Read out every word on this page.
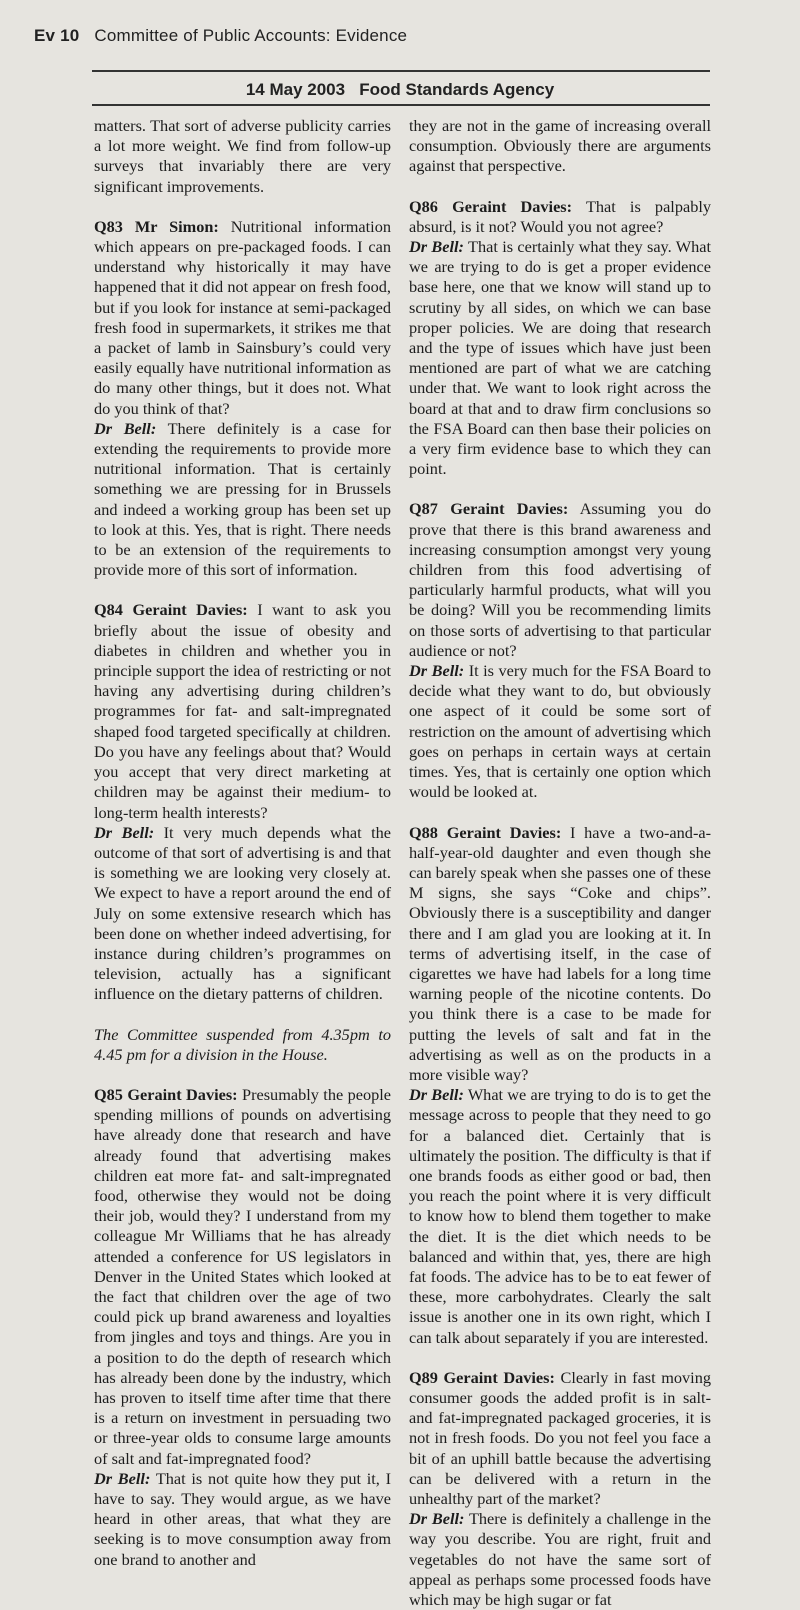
Ev 10 Committee of Public Accounts: Evidence
14 May 2003 Food Standards Agency

matters. That sort of adverse publicity carries a lot more weight. We find from follow-up surveys that invariably there are very significant improvements.

Q83 Mr Simon: Nutritional information which appears on pre-packaged foods. I can understand why historically it may have happened that it did not appear on fresh food, but if you look for instance at semi-packaged fresh food in supermarkets, it strikes me that a packet of lamb in Sainsbury’s could very easily equally have nutritional information as do many other things, but it does not. What do you think of that?

Dr Bell: There definitely is a case for extending the requirements to provide more nutritional information. That is certainly something we are pressing for in Brussels and indeed a working group has been set up to look at this. Yes, that is right. There needs to be an extension of the requirements to provide more of this sort of information.

Q84 Geraint Davies: I want to ask you briefly about the issue of obesity and diabetes in children and whether you in principle support the idea of restricting or not having any advertising during children’s programmes for fat- and salt-impregnated shaped food targeted specifically at children. Do you have any feelings about that? Would you accept that very direct marketing at children may be against their medium- to long-term health interests?

Dr Bell: It very much depends what the outcome of that sort of advertising is and that is something we are looking very closely at. We expect to have a report around the end of July on some extensive research which has been done on whether indeed advertising, for instance during children’s programmes on television, actually has a significant influence on the dietary patterns of children.

The Committee suspended from 4.35pm to 4.45 pm for a division in the House.

Q85 Geraint Davies: Presumably the people spending millions of pounds on advertising have already done that research and have already found that advertising makes children eat more fat- and salt-impregnated food, otherwise they would not be doing their job, would they? I understand from my colleague Mr Williams that he has already attended a conference for US legislators in Denver in the United States which looked at the fact that children over the age of two could pick up brand awareness and loyalties from jingles and toys and things. Are you in a position to do the depth of research which has already been done by the industry, which has proven to itself time after time that there is a return on investment in persuading two or three-year olds to consume large amounts of salt and fat-impregnated food?

Dr Bell: That is not quite how they put it, I have to say. They would argue, as we have heard in other areas, that what they are seeking is to move consumption away from one brand to another and

they are not in the game of increasing overall consumption. Obviously there are arguments against that perspective.

Q86 Geraint Davies: That is palpably absurd, is it not? Would you not agree?

Dr Bell: That is certainly what they say. What we are trying to do is get a proper evidence base here, one that we know will stand up to scrutiny by all sides, on which we can base proper policies. We are doing that research and the type of issues which have just been mentioned are part of what we are catching under that. We want to look right across the board at that and to draw firm conclusions so the FSA Board can then base their policies on a very firm evidence base to which they can point.

Q87 Geraint Davies: Assuming you do prove that there is this brand awareness and increasing consumption amongst very young children from this food advertising of particularly harmful products, what will you be doing? Will you be recommending limits on those sorts of advertising to that particular audience or not?

Dr Bell: It is very much for the FSA Board to decide what they want to do, but obviously one aspect of it could be some sort of restriction on the amount of advertising which goes on perhaps in certain ways at certain times. Yes, that is certainly one option which would be looked at.

Q88 Geraint Davies: I have a two-and-a-half-year-old daughter and even though she can barely speak when she passes one of these M signs, she says “Coke and chips”. Obviously there is a susceptibility and danger there and I am glad you are looking at it. In terms of advertising itself, in the case of cigarettes we have had labels for a long time warning people of the nicotine contents. Do you think there is a case to be made for putting the levels of salt and fat in the advertising as well as on the products in a more visible way?

Dr Bell: What we are trying to do is to get the message across to people that they need to go for a balanced diet. Certainly that is ultimately the position. The difficulty is that if one brands foods as either good or bad, then you reach the point where it is very difficult to know how to blend them together to make the diet. It is the diet which needs to be balanced and within that, yes, there are high fat foods. The advice has to be to eat fewer of these, more carbohydrates. Clearly the salt issue is another one in its own right, which I can talk about separately if you are interested.

Q89 Geraint Davies: Clearly in fast moving consumer goods the added profit is in salt- and fat-impregnated packaged groceries, it is not in fresh foods. Do you not feel you face a bit of an uphill battle because the advertising can be delivered with a return in the unhealthy part of the market?

Dr Bell: There is definitely a challenge in the way you describe. You are right, fruit and vegetables do not have the same sort of appeal as perhaps some processed foods have which may be high sugar or fat
